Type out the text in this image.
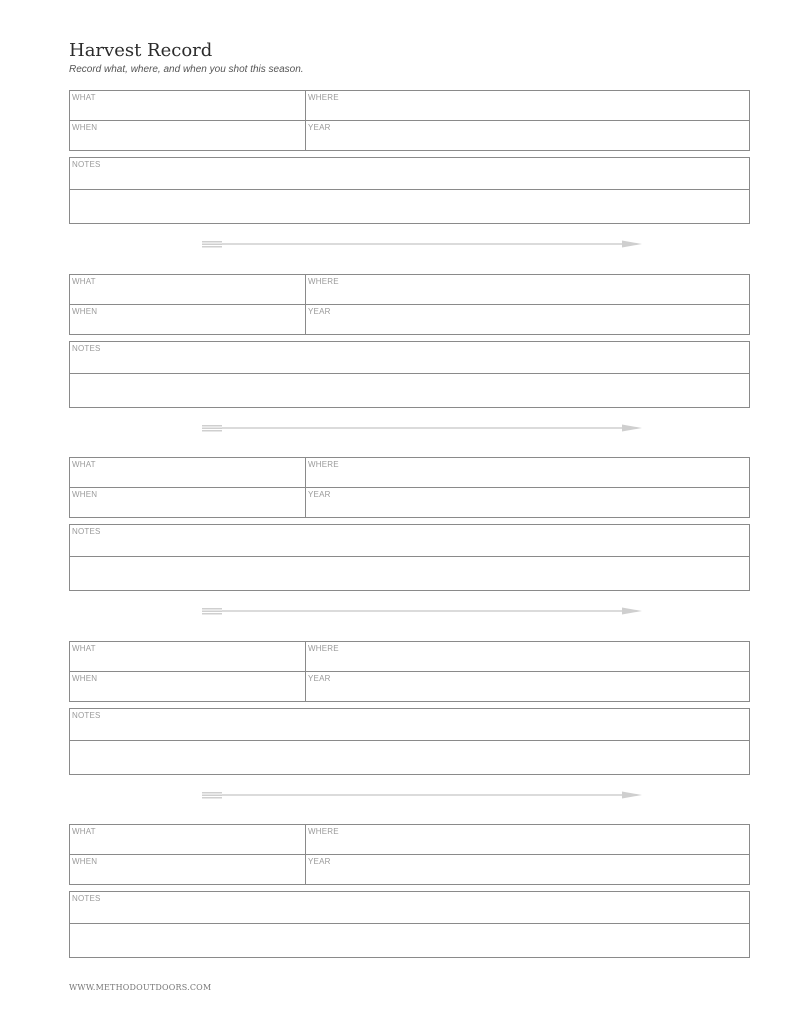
Harvest Record
Record what, where, and when you shot this season.
WHAT	WHERE
WHEN	YEAR
NOTES
WHAT	WHERE
WHEN	YEAR
NOTES
WHAT	WHERE
WHEN	YEAR
NOTES
WHAT	WHERE
WHEN	YEAR
NOTES
WHAT	WHERE
WHEN	YEAR
NOTES
WWW.METHODOUTDOORS.COM
